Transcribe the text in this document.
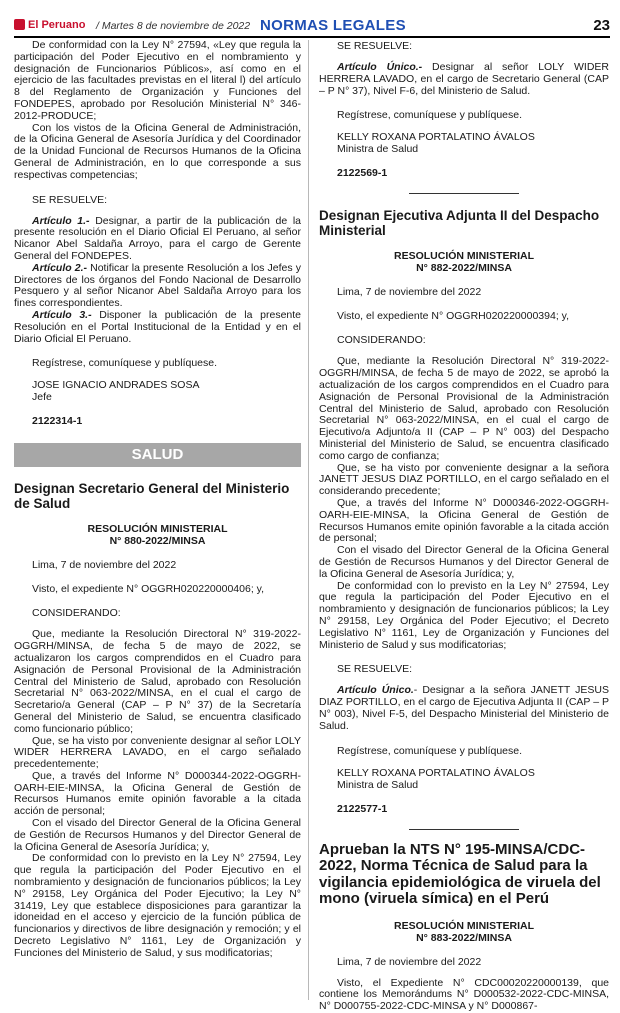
El Peruano / Martes 8 de noviembre de 2022 NORMAS LEGALES	23

De conformidad con la Ley N° 27594, «Ley que regula la participación del Poder Ejecutivo en el nombramiento y designación de Funcionarios Públicos», así como en el ejercicio de las facultades previstas en el literal l) del artículo 8 del Reglamento de Organización y Funciones del FONDEPES, aprobado por Resolución Ministerial N° 346-2012-PRODUCE;

Con los vistos de la Oficina General de Administración, de la Oficina General de Asesoría Jurídica y del Coordinador de la Unidad Funcional de Recursos Humanos de la Oficina General de Administración, en lo que corresponde a sus respectivas competencias;

SE RESUELVE:

Artículo 1.- Designar, a partir de la publicación de la presente resolución en el Diario Oficial El Peruano, al señor Nicanor Abel Saldaña Arroyo, para el cargo de Gerente General del FONDEPES.

Artículo 2.- Notificar la presente Resolución a los Jefes y Directores de los órganos del Fondo Nacional de Desarrollo Pesquero y al señor Nicanor Abel Saldaña Arroyo para los fines correspondientes.

Artículo 3.- Disponer la publicación de la presente Resolución en el Portal Institucional de la Entidad y en el Diario Oficial El Peruano.

Regístrese, comuníquese y publíquese.
JOSE IGNACIO ANDRADES SOSA
Jefe
2122314-1
SALUD
Designan Secretario General del Ministerio de Salud
RESOLUCIÓN MINISTERIAL
N° 880-2022/MINSA
Lima, 7 de noviembre del 2022
Visto, el expediente N° OGGRH020220000406; y,
CONSIDERANDO:

Que, mediante la Resolución Directoral N° 319-2022-OGGRH/MINSA, de fecha 5 de mayo de 2022, se actualizaron los cargos comprendidos en el Cuadro para Asignación de Personal Provisional de la Administración Central del Ministerio de Salud, aprobado con Resolución Secretarial N° 063-2022/MINSA, en el cual el cargo de Secretario/a General (CAP – P N° 37) de la Secretaría General del Ministerio de Salud, se encuentra clasificado como funcionario público;

Que, se ha visto por conveniente designar al señor LOLY WIDER HERRERA LAVADO, en el cargo señalado precedentemente;

Que, a través del Informe N° D000344-2022-OGGRH-OARH-EIE-MINSA, la Oficina General de Gestión de Recursos Humanos emite opinión favorable a la citada acción de personal;

Con el visado del Director General de la Oficina General de Gestión de Recursos Humanos y del Director General de la Oficina General de Asesoría Jurídica; y,

De conformidad con lo previsto en la Ley N° 27594, Ley que regula la participación del Poder Ejecutivo en el nombramiento y designación de funcionarios públicos; la Ley N° 29158, Ley Orgánica del Poder Ejecutivo; la Ley N° 31419, Ley que establece disposiciones para garantizar la idoneidad en el acceso y ejercicio de la función pública de funcionarios y directivos de libre designación y remoción; y el Decreto Legislativo N° 1161, Ley de Organización y Funciones del Ministerio de Salud, y sus modificatorias;

SE RESUELVE:

Artículo Único.- Designar al señor LOLY WIDER HERRERA LAVADO, en el cargo de Secretario General (CAP – P N° 37), Nivel F-6, del Ministerio de Salud.

Regístrese, comuníquese y publíquese.
KELLY ROXANA PORTALATINO ÁVALOS
Ministra de Salud
2122569-1
Designan Ejecutiva Adjunta II del Despacho Ministerial
RESOLUCIÓN MINISTERIAL
N° 882-2022/MINSA
Lima, 7 de noviembre del 2022
Visto, el expediente N° OGGRH020220000394; y,
CONSIDERANDO:

Que, mediante la Resolución Directoral N° 319-2022-OGGRH/MINSA, de fecha 5 de mayo de 2022, se aprobó la actualización de los cargos comprendidos en el Cuadro para Asignación de Personal Provisional de la Administración Central del Ministerio de Salud, aprobado con Resolución Secretarial N° 063-2022/MINSA, en el cual el cargo de Ejecutivo/a Adjunto/a II (CAP – P N° 003) del Despacho Ministerial del Ministerio de Salud, se encuentra clasificado como cargo de confianza;

Que, se ha visto por conveniente designar a la señora JANETT JESUS DIAZ PORTILLO, en el cargo señalado en el considerando precedente;

Que, a través del Informe N° D000346-2022-OGGRH-OARH-EIE-MINSA, la Oficina General de Gestión de Recursos Humanos emite opinión favorable a la citada acción de personal;

Con el visado del Director General de la Oficina General de Gestión de Recursos Humanos y del Director General de la Oficina General de Asesoría Jurídica; y,

De conformidad con lo previsto en la Ley N° 27594, Ley que regula la participación del Poder Ejecutivo en el nombramiento y designación de funcionarios públicos; la Ley N° 29158, Ley Orgánica del Poder Ejecutivo; el Decreto Legislativo N° 1161, Ley de Organización y Funciones del Ministerio de Salud y sus modificatorias;

SE RESUELVE:

Artículo Único.- Designar a la señora JANETT JESUS DIAZ PORTILLO, en el cargo de Ejecutiva Adjunta II (CAP – P N° 003), Nivel F-5, del Despacho Ministerial del Ministerio de Salud.

Regístrese, comuníquese y publíquese.
KELLY ROXANA PORTALATINO ÁVALOS
Ministra de Salud
2122577-1
Aprueban la NTS N° 195-MINSA/CDC-2022, Norma Técnica de Salud para la vigilancia epidemiológica de viruela del mono (viruela símica) en el Perú
RESOLUCIÓN MINISTERIAL
N° 883-2022/MINSA
Lima, 7 de noviembre del 2022

Visto, el Expediente N° CDC00020220000139, que contiene los Memorándums N° D000532-2022-CDC-MINSA, N° D000755-2022-CDC-MINSA y N° D000867-
